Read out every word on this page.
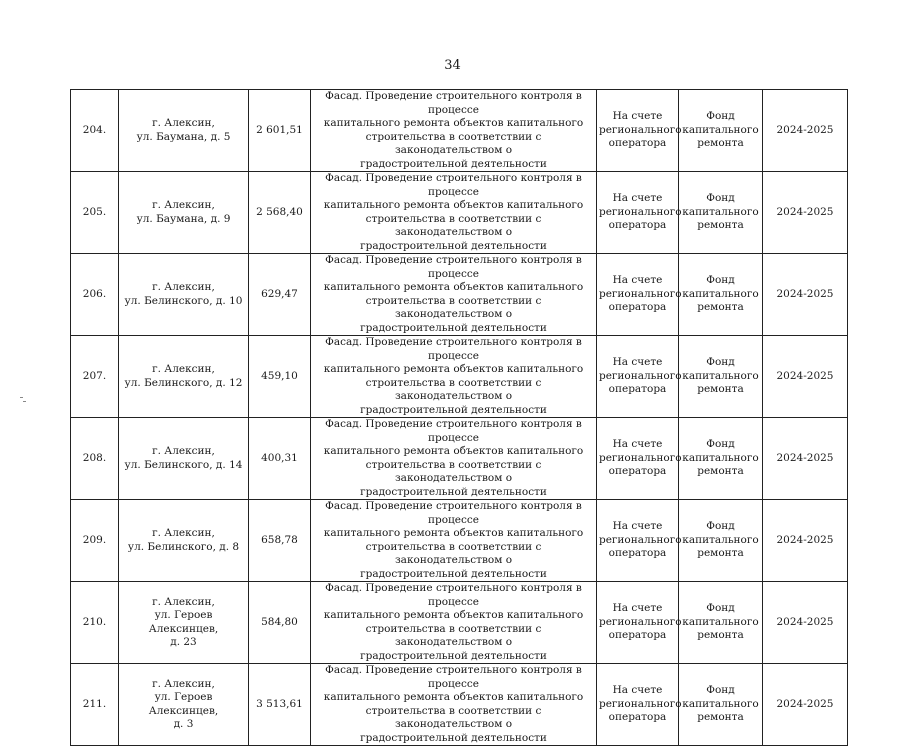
34
204.	г. Алексин,
ул. Баумана, д. 5	2 601,51	Фасад. Проведение строительного контроля в процессе
капитального ремонта объектов капитального
строительства в соответствии с законодательством о
градостроительной деятельности	На счете
регионального
оператора	Фонд
капитального
ремонта	2024-2025
205.	г. Алексин,
ул. Баумана, д. 9	2 568,40	Фасад. Проведение строительного контроля в процессе
капитального ремонта объектов капитального
строительства в соответствии с законодательством о
градостроительной деятельности	На счете
регионального
оператора	Фонд
капитального
ремонта	2024-2025
206.	г. Алексин,
ул. Белинского, д. 10	629,47	Фасад. Проведение строительного контроля в процессе
капитального ремонта объектов капитального
строительства в соответствии с законодательством о
градостроительной деятельности	На счете
регионального
оператора	Фонд
капитального
ремонта	2024-2025
207.	г. Алексин,
ул. Белинского, д. 12	459,10	Фасад. Проведение строительного контроля в процессе
капитального ремонта объектов капитального
строительства в соответствии с законодательством о
градостроительной деятельности	На счете
регионального
оператора	Фонд
капитального
ремонта	2024-2025
208.	г. Алексин,
ул. Белинского, д. 14	400,31	Фасад. Проведение строительного контроля в процессе
капитального ремонта объектов капитального
строительства в соответствии с законодательством о
градостроительной деятельности	На счете
регионального
оператора	Фонд
капитального
ремонта	2024-2025
209.	г. Алексин,
ул. Белинского, д. 8	658,78	Фасад. Проведение строительного контроля в процессе
капитального ремонта объектов капитального
строительства в соответствии с законодательством о
градостроительной деятельности	На счете
регионального
оператора	Фонд
капитального
ремонта	2024-2025
210.	г. Алексин,
ул. Героев Алексинцев,
д. 23	584,80	Фасад. Проведение строительного контроля в процессе
капитального ремонта объектов капитального
строительства в соответствии с законодательством о
градостроительной деятельности	На счете
регионального
оператора	Фонд
капитального
ремонта	2024-2025
211.	г. Алексин,
ул. Героев Алексинцев,
д. 3	3 513,61	Фасад. Проведение строительного контроля в процессе
капитального ремонта объектов капитального
строительства в соответствии с законодательством о
градостроительной деятельности	На счете
регионального
оператора	Фонд
капитального
ремонта	2024-2025
